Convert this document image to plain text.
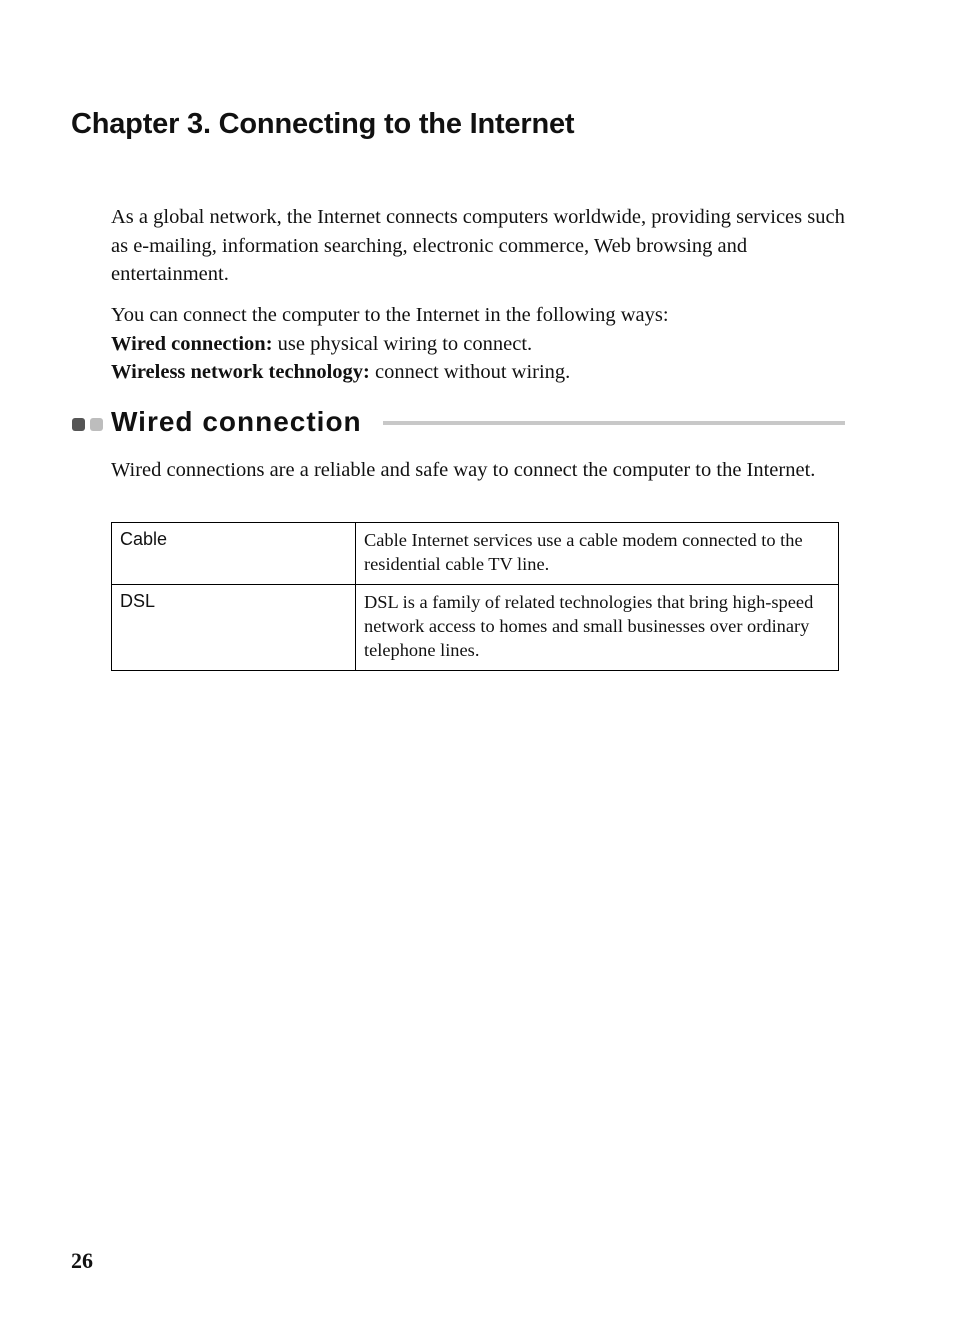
Chapter 3. Connecting to the Internet

As a global network, the Internet connects computers worldwide, providing services such as e-mailing, information searching, electronic commerce, Web browsing and entertainment.

You can connect the computer to the Internet in the following ways:
Wired connection: use physical wiring to connect.
Wireless network technology: connect without wiring.
Wired connection

Wired connections are a reliable and safe way to connect the computer to the Internet.

Cable	Cable Internet services use a cable modem connected to the residential cable TV line.
DSL	DSL is a family of related technologies that bring high-speed network access to homes and small businesses over ordinary telephone lines.
26
